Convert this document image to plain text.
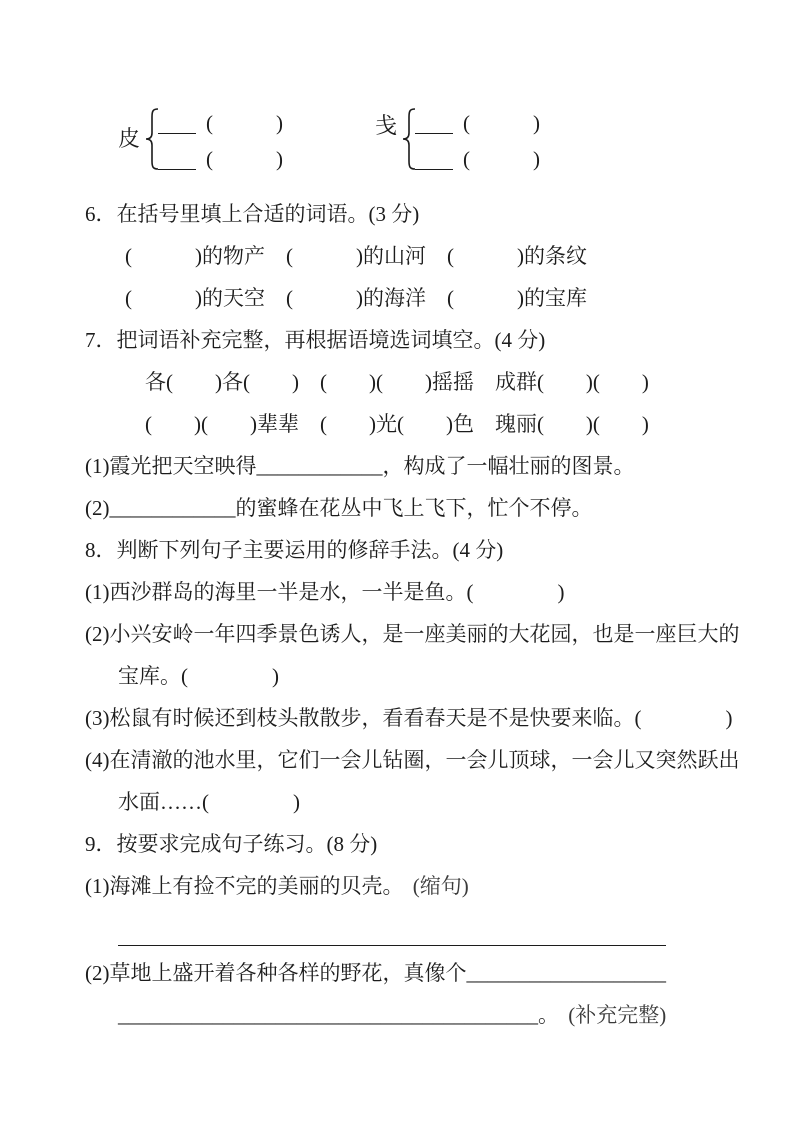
皮
(　　　)
(　　　)
戋	(　　　)
(　　　)
6．在括号里填上合适的词语。(3 分)
(　　　)的物产　(　　　)的山河　(　　　)的条纹
(　　　)的天空　(　　　)的海洋　(　　　)的宝库
7．把词语补充完整，再根据语境选词填空。(4 分)
各(　　)各(　　)　(　　)(　　)摇摇　成群(　　)(　　)
(　　)(　　)辈辈　(　　)光(　　)色　瑰丽(　　)(　　)
(1)霞光把天空映得____________，构成了一幅壮丽的图景。
(2)____________的蜜蜂在花丛中飞上飞下，忙个不停。
8．判断下列句子主要运用的修辞手法。(4 分)
(1)西沙群岛的海里一半是水，一半是鱼。(　　　　)
(2)小兴安岭一年四季景色诱人，是一座美丽的大花园，也是一座巨大的
宝库。(　　　　)
(3)松鼠有时候还到枝头散散步，看看春天是不是快要来临。(　　　　)
(4)在清澈的池水里，它们一会儿钻圈，一会儿顶球，一会儿又突然跃出
水面……(　　　　)
9．按要求完成句子练习。(8 分)
(1)海滩上有捡不完的美丽的贝壳。 (缩句)
(2)草地上盛开着各种各样的野花，真像个___________________
________________________________________。 (补充完整)
